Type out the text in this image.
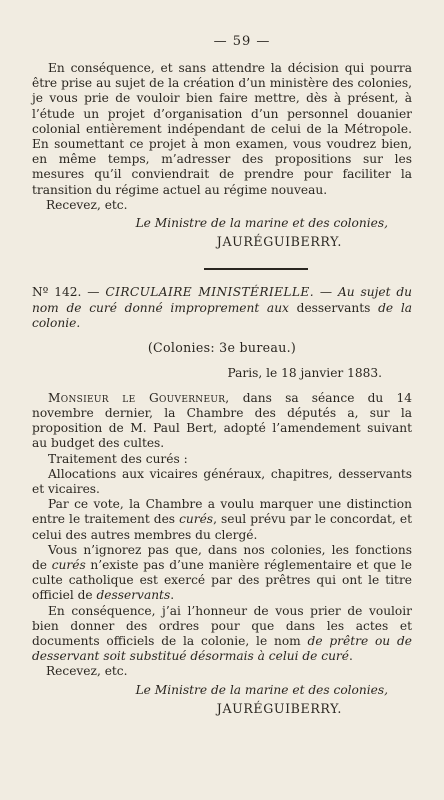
— 59 —

En conséquence, et sans attendre la décision qui pourra être prise au sujet de la création d’un ministère des colonies, je vous prie de vouloir bien faire mettre, dès à présent, à l’étude un projet d’organisation d’un personnel douanier colonial entièrement indépendant de celui de la Métropole. En soumettant ce projet à mon examen, vous voudrez bien, en même temps, m’adresser des propositions sur les mesures qu’il conviendrait de prendre pour faciliter la transition du régime actuel au régime nouveau.

Recevez, etc.

Le Ministre de la marine et des colonies,
JAURÉGUIBERRY.

Nº 142. — CIRCULAIRE MINISTÉRIELLE. — Au sujet du nom de curé donné improprement aux desservants de la colonie.

(Colonies: 3e bureau.)
Paris, le 18 janvier 1883.

Monsieur le Gouverneur, dans sa séance du 14 novembre dernier, la Chambre des députés a, sur la proposition de M. Paul Bert, adopté l’amendement suivant au budget des cultes.

Traitement des curés :

Allocations aux vicaires généraux, chapitres, desservants et vicaires.

Par ce vote, la Chambre a voulu marquer une distinction entre le traitement des curés, seul prévu par le concordat, et celui des autres membres du clergé.

Vous n’ignorez pas que, dans nos colonies, les fonctions de curés n’existe pas d’une manière réglementaire et que le culte catholique est exercé par des prêtres qui ont le titre officiel de desservants.

En conséquence, j’ai l’honneur de vous prier de vouloir bien donner des ordres pour que dans les actes et documents officiels de la colonie, le nom de prêtre ou de desservant soit substitué désormais à celui de curé.

Recevez, etc.

Le Ministre de la marine et des colonies,
JAURÉGUIBERRY.
